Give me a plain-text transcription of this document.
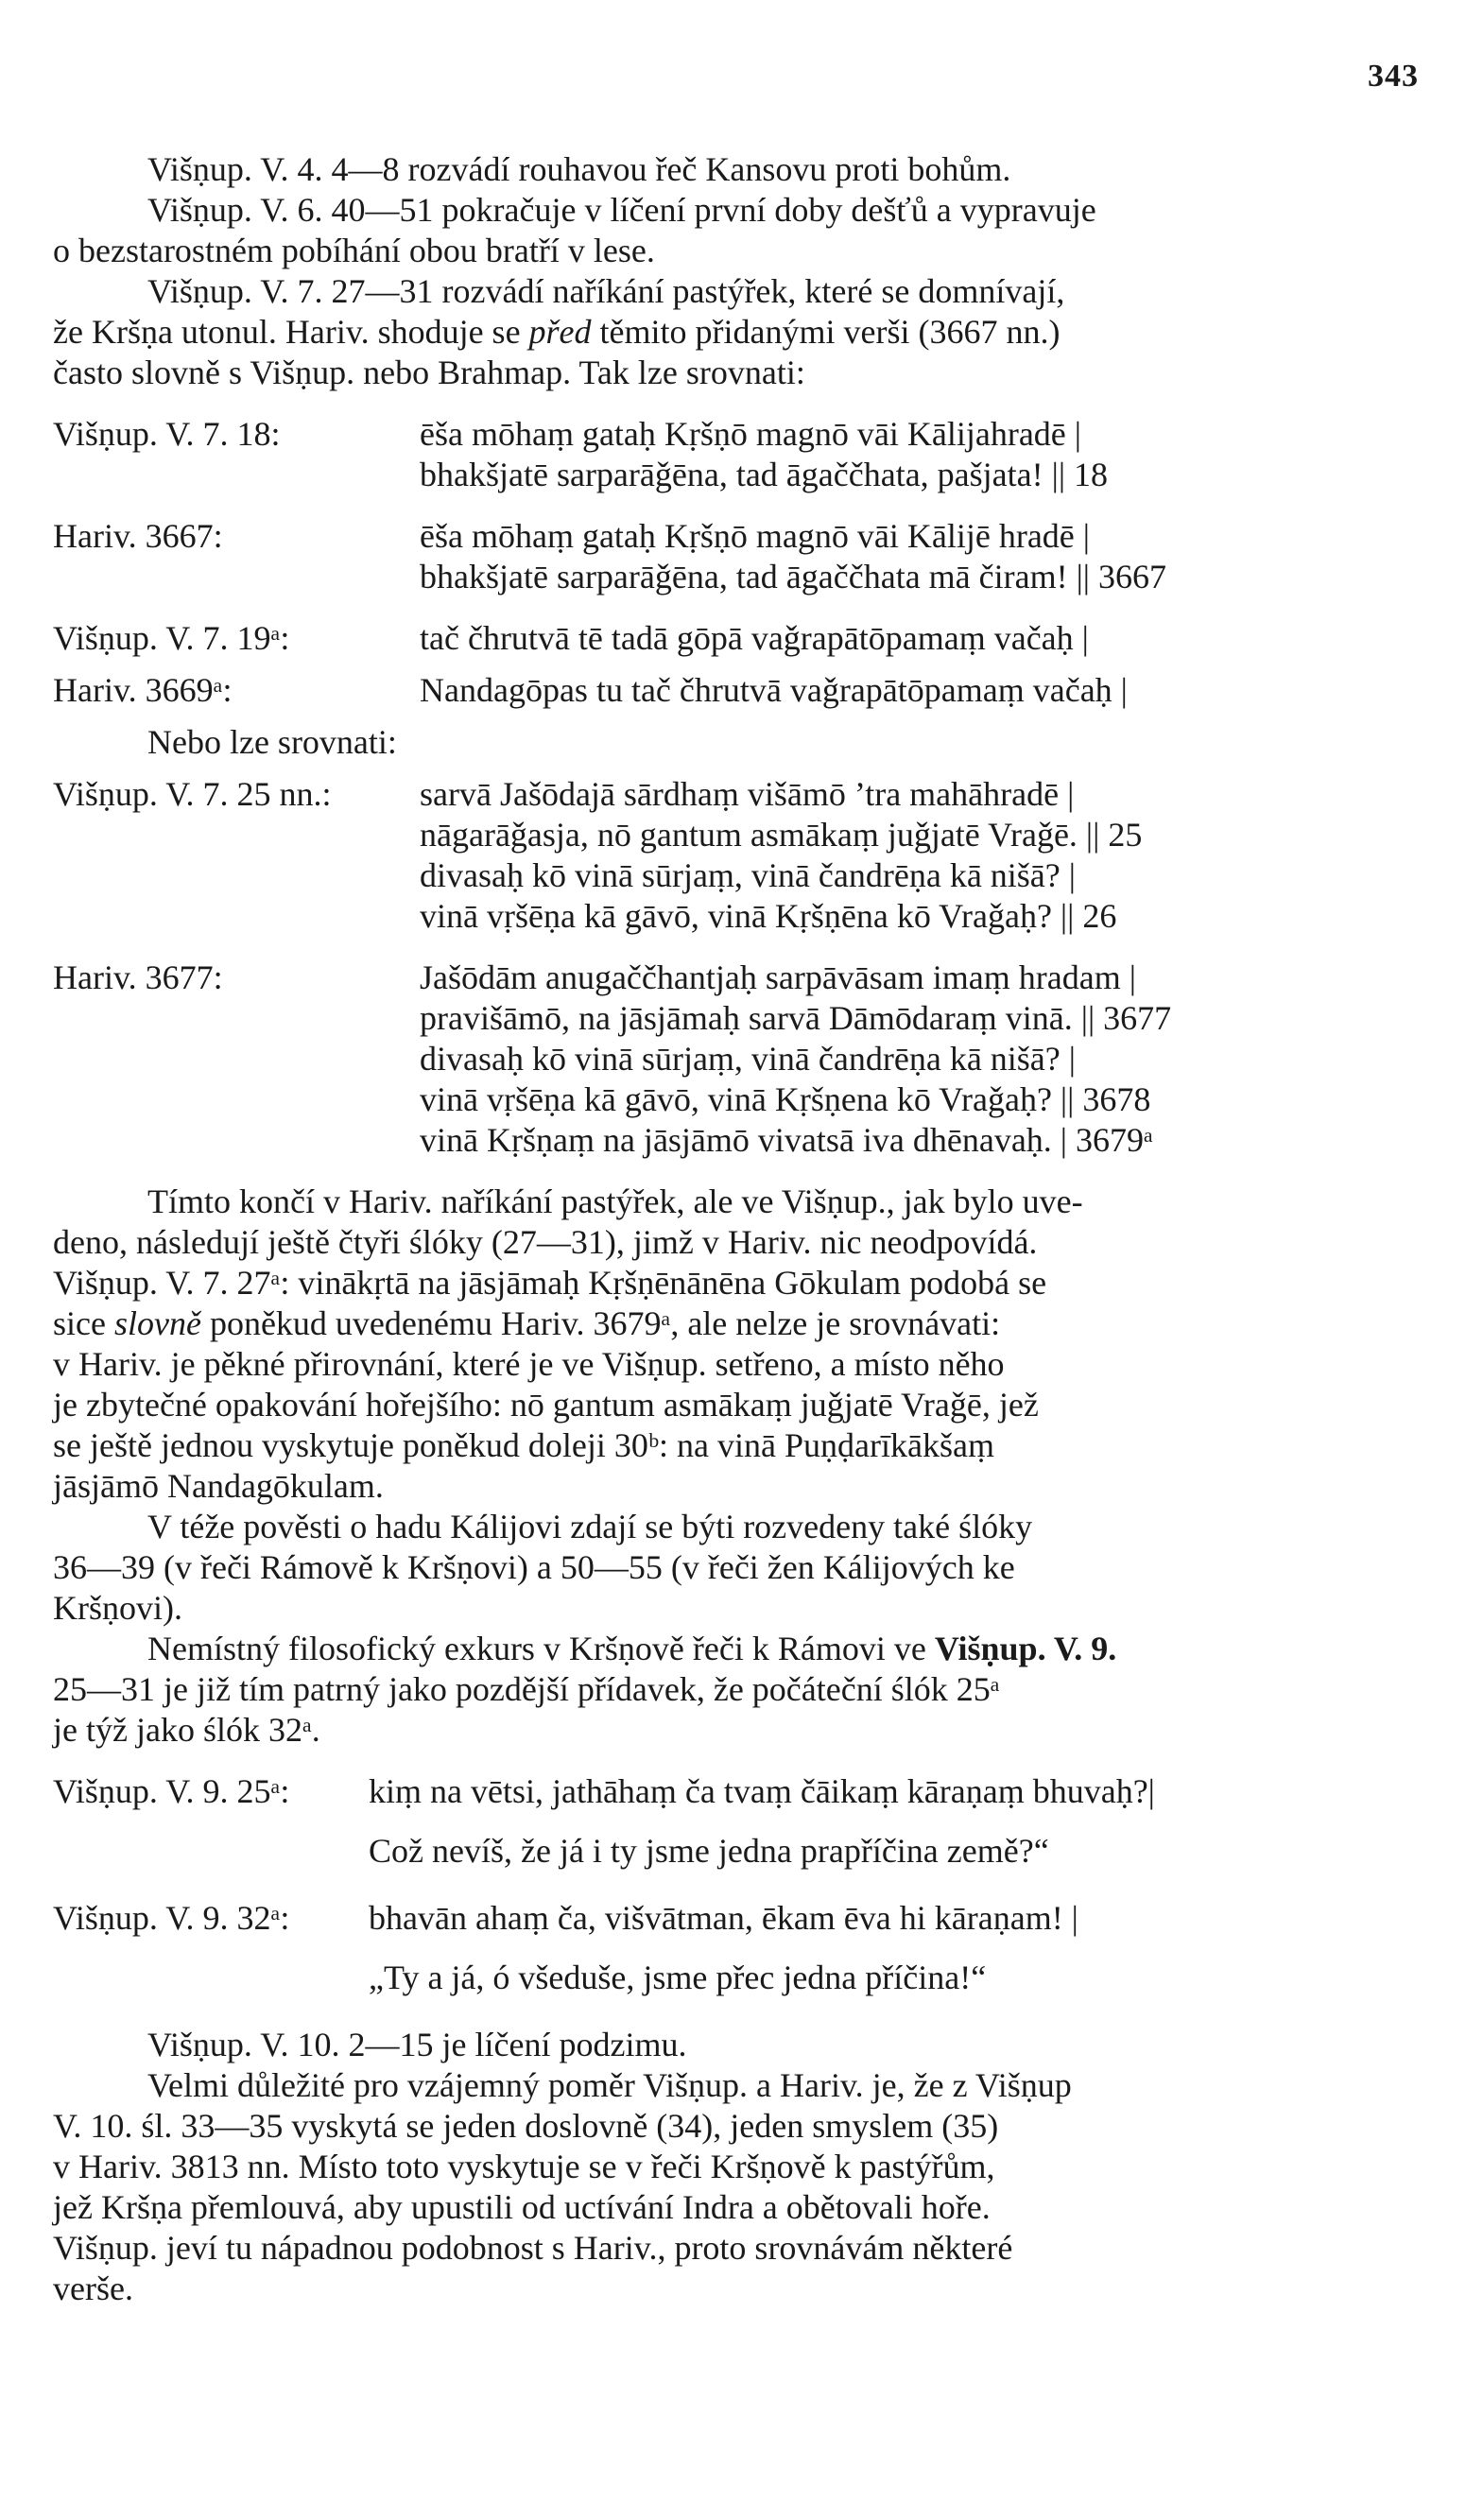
343
Višṇup. V. 4. 4—8 rozvádí rouhavou řeč Kansovu proti bohům.
Višṇup. V. 6. 40—51 pokračuje v líčení první doby dešťů a vypravuje
o bezstarostném pobíhání obou bratří v lese.
Višṇup. V. 7. 27—31 rozvádí naříkání pastýřek, které se domnívají,
že Kršṇa utonul. Hariv. shoduje se před těmito přidanými verši (3667 nn.)
často slovně s Višṇup. nebo Brahmap. Tak lze srovnati:
Višṇup. V. 7. 18:	ēša mōhaṃ gataḥ Kṛšṇō magnō vāi Kālijahradē |
bhakšjatē sarparāǧēna, tad āgaččhata, pašjata! || 18
Hariv. 3667:	ēša mōhaṃ gataḥ Kṛšṇō magnō vāi Kālijē hradē |
bhakšjatē sarparāǧēna, tad āgaččhata mā čiram! || 3667
Višṇup. V. 7. 19ᵃ:	tač čhrutvā tē tadā gōpā vaǧrapātōpamaṃ vačaḥ |
Hariv. 3669ᵃ:	Nandagōpas tu tač čhrutvā vaǧrapātōpamaṃ vačaḥ |
Nebo lze srovnati:
Višṇup. V. 7. 25 nn.:	sarvā Jašōdajā sārdhaṃ višāmō ’tra mahāhradē |
nāgarāǧasja, nō gantum asmākaṃ juǧjatē Vraǧē. || 25
divasaḥ kō vinā sūrjaṃ, vinā čandrēṇa kā nišā? |
vinā vṛšēṇa kā gāvō, vinā Kṛšṇēna kō Vraǧaḥ? || 26
Hariv. 3677:	Jašōdām anugaččhantjaḥ sarpāvāsam imaṃ hradam |
pravišāmō, na jāsjāmaḥ sarvā Dāmōdaraṃ vinā. || 3677
divasaḥ kō vinā sūrjaṃ, vinā čandrēṇa kā nišā? |
vinā vṛšēṇa kā gāvō, vinā Kṛšṇena kō Vraǧaḥ? || 3678
vinā Kṛšṇaṃ na jāsjāmō vivatsā iva dhēnavaḥ. | 3679ᵃ
Tímto končí v Hariv. naříkání pastýřek, ale ve Višṇup., jak bylo uve-
deno, následují ještě čtyři ślóky (27—31), jimž v Hariv. nic neodpovídá.
Višṇup. V. 7. 27ᵃ: vinākṛtā na jāsjāmaḥ Kṛšṇēnānēna Gōkulam podobá se
sice slovně poněkud uvedenému Hariv. 3679ᵃ, ale nelze je srovnávati:
v Hariv. je pěkné přirovnání, které je ve Višṇup. setřeno, a místo něho
je zbytečné opakování hořejšího: nō gantum asmākaṃ juǧjatē Vraǧē, jež
se ještě jednou vyskytuje poněkud doleji 30ᵇ: na vinā Puṇḍarīkākšaṃ
jāsjāmō Nandagōkulam.
V téže pověsti o hadu Kálijovi zdají se býti rozvedeny také ślóky
36—39 (v řeči Rámově k Kršṇovi) a 50—55 (v řeči žen Kálijových ke
Kršṇovi).
Nemístný filosofický exkurs v Kršṇově řeči k Rámovi ve Višṇup. V. 9.
25—31 je již tím patrný jako pozdější přídavek, že počáteční ślók 25ᵃ
je týž jako ślók 32ᵃ.
Višṇup. V. 9. 25ᵃ:	kiṃ na vētsi, jathāhaṃ ča tvaṃ čāikaṃ kāraṇaṃ bhuvaḥ?|
Což nevíš, že já i ty jsme jedna prapříčina země?“
Višṇup. V. 9. 32ᵃ:	bhavān ahaṃ ča, višvātman, ēkam ēva hi kāraṇam! |
„Ty a já, ó všeduše, jsme přec jedna příčina!“
Višṇup. V. 10. 2—15 je líčení podzimu.
Velmi důležité pro vzájemný poměr Višṇup. a Hariv. je, že z Višṇup
V. 10. śl. 33—35 vyskytá se jeden doslovně (34), jeden smyslem (35)
v Hariv. 3813 nn. Místo toto vyskytuje se v řeči Kršṇově k pastýřům,
jež Kršṇa přemlouvá, aby upustili od uctívání Indra a obětovali hoře.
Višṇup. jeví tu nápadnou podobnost s Hariv., proto srovnávám některé
verše.
